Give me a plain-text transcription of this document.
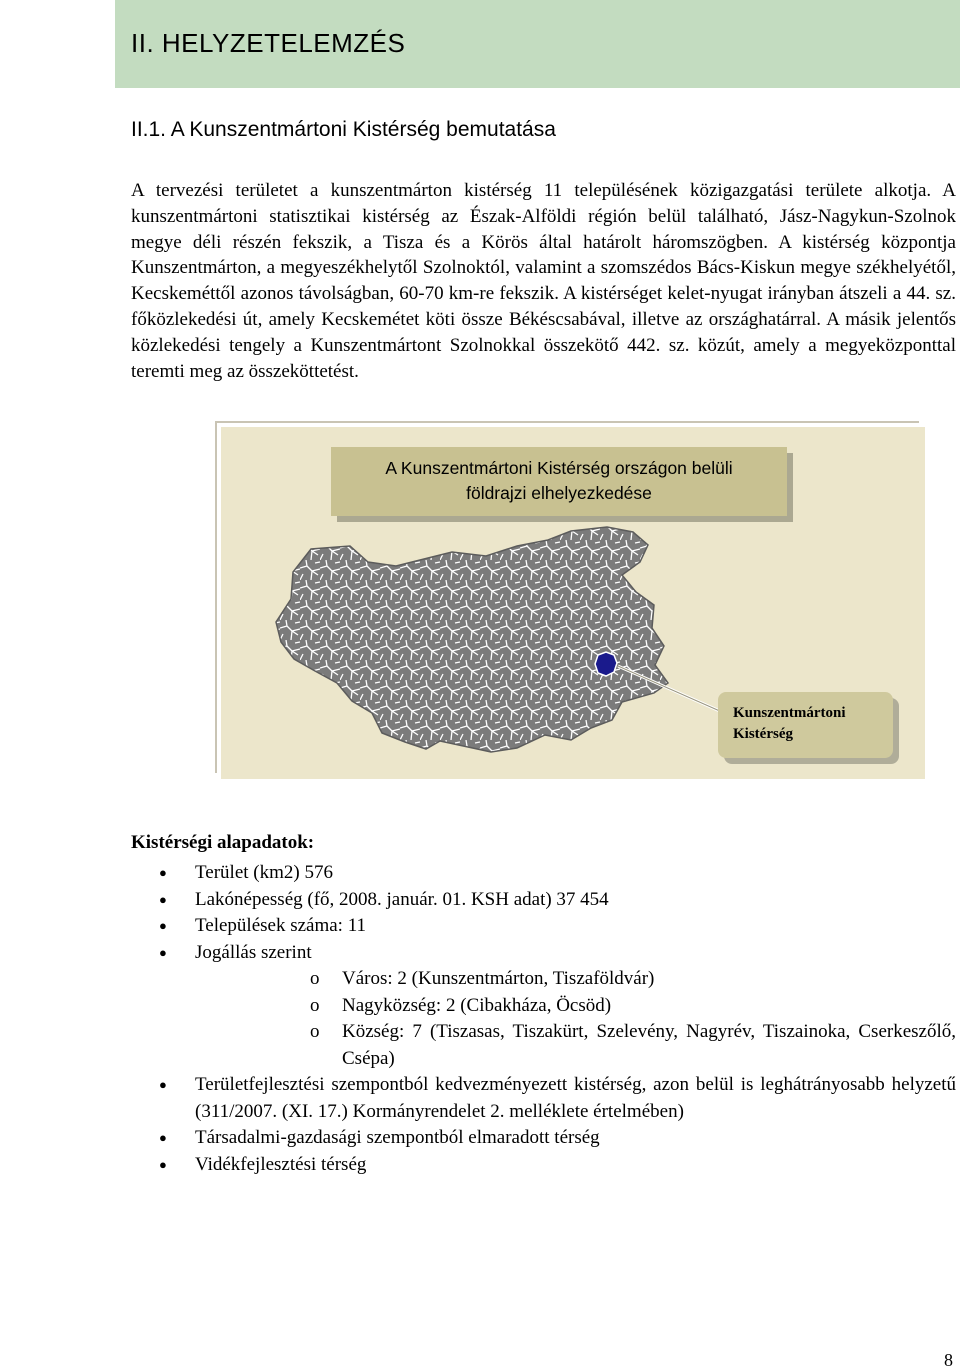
II. HELYZETELEMZÉS
II.1. A Kunszentmártoni Kistérség bemutatása

A tervezési területet a kunszentmárton kistérség 11 településének közigazgatási területe alkotja. A kunszentmártoni statisztikai kistérség az Észak-Alföldi régión belül található, Jász-Nagykun-Szolnok megye déli részén fekszik, a Tisza és a Körös által határolt háromszögben. A kistérség központja Kunszentmárton, a megyeszékhelytől Szolnoktól, valamint a szomszédos Bács-Kiskun megye székhelyétől, Kecskeméttől azonos távolságban, 60-70 km-re fekszik. A kistérséget kelet-nyugat irányban átszeli a 44. sz. főközlekedési út, amely Kecskemétet köti össze Békéscsabával, illetve az országhatárral. A másik jelentős közlekedési tengely a Kunszentmártont Szolnokkal összekötő 442. sz. közút, amely a megyeközponttal teremti meg az összeköttetést.

A Kunszentmártoni Kistérség országon belüli
földrajzi elhelyezkedése
Kunszentmártoni
Kistérség
Kistérségi alapadatok:
● Terület (km2) 576
● Lakónépesség (fő, 2008. január. 01. KSH adat) 37 454
● Települések száma: 11
● Jogállás szerint
o Város: 2 (Kunszentmárton, Tiszaföldvár)
o Nagyközség: 2 (Cibakháza, Öcsöd)
o Község: 7 (Tiszasas, Tiszakürt, Szelevény, Nagyrév, Tiszainoka, Cserkeszőlő, Csépa)
● Területfejlesztési szempontból kedvezményezett kistérség, azon belül is leghátrányosabb helyzetű (311/2007. (XI. 17.) Kormányrendelet 2. melléklete értelmében)
● Társadalmi-gazdasági szempontból elmaradott térség
● Vidékfejlesztési térség
8
